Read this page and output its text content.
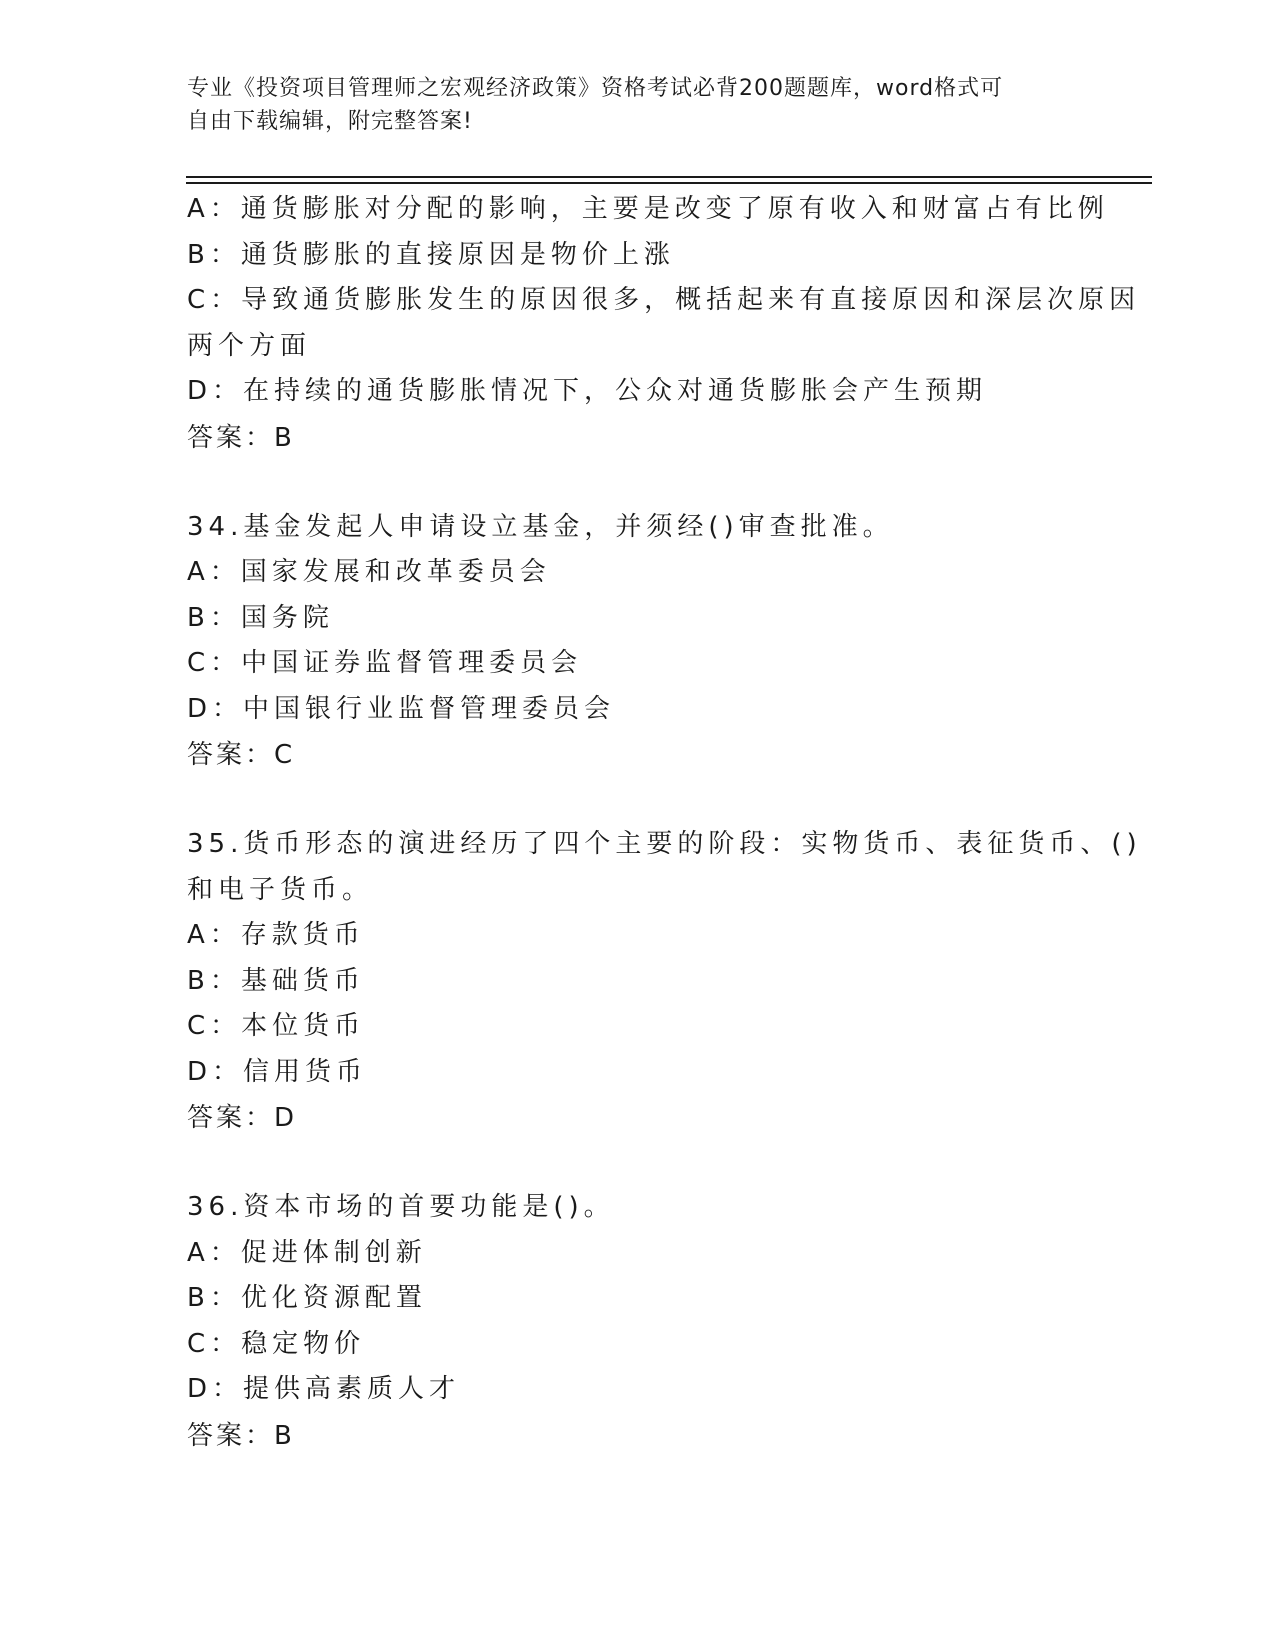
专业《投资项目管理师之宏观经济政策》资格考试必背200题题库，word格式可
自由下载编辑，附完整答案!
A：通货膨胀对分配的影响，主要是改变了原有收入和财富占有比例
B：通货膨胀的直接原因是物价上涨
C：导致通货膨胀发生的原因很多，概括起来有直接原因和深层次原因
两个方面
D：在持续的通货膨胀情况下，公众对通货膨胀会产生预期
答案：B
34.基金发起人申请设立基金，并须经()审查批准。
A：国家发展和改革委员会
B：国务院
C：中国证券监督管理委员会
D：中国银行业监督管理委员会
答案：C
35.货币形态的演进经历了四个主要的阶段：实物货币、表征货币、()
和电子货币。
A：存款货币
B：基础货币
C：本位货币
D：信用货币
答案：D
36.资本市场的首要功能是()。
A：促进体制创新
B：优化资源配置
C：稳定物价
D：提供高素质人才
答案：B
